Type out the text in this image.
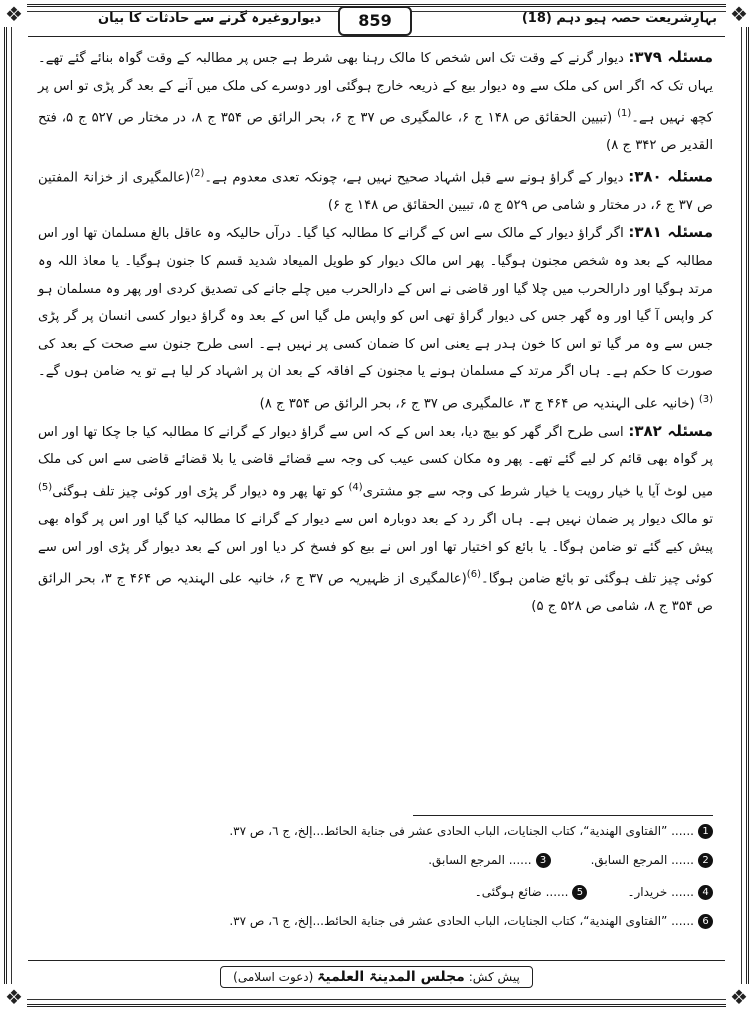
❖	❖
❖	❖
دیواروغیرہ گرنے سے حادثات کا بیان	859	بہارِشریعت حصہ ہیو دہم (18)

مسئلہ ۳۷۹: دیوار گرنے کے وقت تک اس شخص کا مالک رہنا بھی شرط ہے جس پر مطالبہ کے وقت گواہ بنائے گئے تھے۔ یہاں تک کہ اگر اس کی ملک سے وہ دیوار بیع کے ذریعہ خارج ہوگئی اور دوسرے کی ملک میں آنے کے بعد گر پڑی تو اس پر کچھ نہیں ہے۔$^{(1)}$ (تبیین الحقائق ص ۱۴۸ ج ۶، عالمگیری ص ۳۷ ج ۶، بحر الرائق ص ۳۵۴ ج ۸، در مختار ص ۵۲۷ ج ۵، فتح القدیر ص ۳۴۲ ج ۸)

مسئلہ ۳۸۰: دیوار کے گراؤ ہونے سے قبل اشہاد صحیح نہیں ہے، چونکہ تعدی معدوم ہے۔$^{(2)}$(عالمگیری از خزانۃ المفتین ص ۳۷ ج ۶، در مختار و شامی ص ۵۲۹ ج ۵، تبیین الحقائق ص ۱۴۸ ج ۶)

مسئلہ ۳۸۱: اگر گراؤ دیوار کے مالک سے اس کے گرانے کا مطالبہ کیا گیا۔ درآں حالیکہ وہ عاقل بالغ مسلمان تھا اور اس مطالبہ کے بعد وہ شخص مجنون ہوگیا۔ پھر اس مالک دیوار کو طویل المیعاد شدید قسم کا جنون ہوگیا۔ یا معاذ اللہ وہ مرتد ہوگیا اور دارالحرب میں چلا گیا اور قاضی نے اس کے دارالحرب میں چلے جانے کی تصدیق کردی اور پھر وہ مسلمان ہو کر واپس آ گیا اور وہ گھر جس کی دیوار گراؤ تھی اس کو واپس مل گیا اس کے بعد وہ گراؤ دیوار کسی انسان پر گر پڑی جس سے وہ مر گیا تو اس کا خون ہدر ہے یعنی اس کا ضمان کسی پر نہیں ہے۔ اسی طرح جنون سے صحت کے بعد کی صورت کا حکم ہے۔ ہاں اگر مرتد کے مسلمان ہونے یا مجنون کے افاقہ کے بعد ان پر اشہاد کر لیا ہے تو یہ ضامن ہوں گے۔$^{(3)}$ (خانیہ علی الہندیہ ص ۴۶۴ ج ۳، عالمگیری ص ۳۷ ج ۶، بحر الرائق ص ۳۵۴ ج ۸)

مسئلہ ۳۸۲: اسی طرح اگر گھر کو بیچ دیا، بعد اس کے کہ اس سے گراؤ دیوار کے گرانے کا مطالبہ کیا جا چکا تھا اور اس پر گواہ بھی قائم کر لیے گئے تھے۔ پھر وہ مکان کسی عیب کی وجہ سے قضائے قاضی یا بلا قضائے قاضی سے اس کی ملک میں لوٹ آیا یا خیار رویت یا خیار شرط کی وجہ سے جو مشتری$^{(4)}$ کو تھا پھر وہ دیوار گر پڑی اور کوئی چیز تلف ہوگئی$^{(5)}$ تو مالک دیوار پر ضمان نہیں ہے۔ ہاں اگر رد کے بعد دوبارہ اس سے دیوار کے گرانے کا مطالبہ کیا گیا اور اس پر گواہ بھی پیش کیے گئے تو ضامن ہوگا۔ یا بائع کو اختیار تھا اور اس نے بیع کو فسخ کر دیا اور اس کے بعد دیوار گر پڑی اور اس سے کوئی چیز تلف ہوگئی تو بائع ضامن ہوگا۔$^{(6)}$(عالمگیری از ظہیریہ ص ۳۷ ج ۶، خانیہ علی الہندیہ ص ۴۶۴ ج ۳، بحر الرائق ص ۳۵۴ ج ۸، شامی ص ۵۲۸ ج ۵)

1
...... ”الفتاوی الهندیة“، کتاب الجنایات، الباب الحادی عشر فی جنایة الحائط...إلخ، ج ٦، ص ٣٧.
2
...... المرجع السابق.
3
...... المرجع السابق.
4
...... خریدار۔
5
...... ضائع ہوگئی۔
6
...... ”الفتاوی الهندیة“، کتاب الجنایات، الباب الحادی عشر فی جنایة الحائط...إلخ، ج ٦، ص ٣٧.
پیش کش: مجلس المدینۃ العلمیۃ (دعوت اسلامی)
